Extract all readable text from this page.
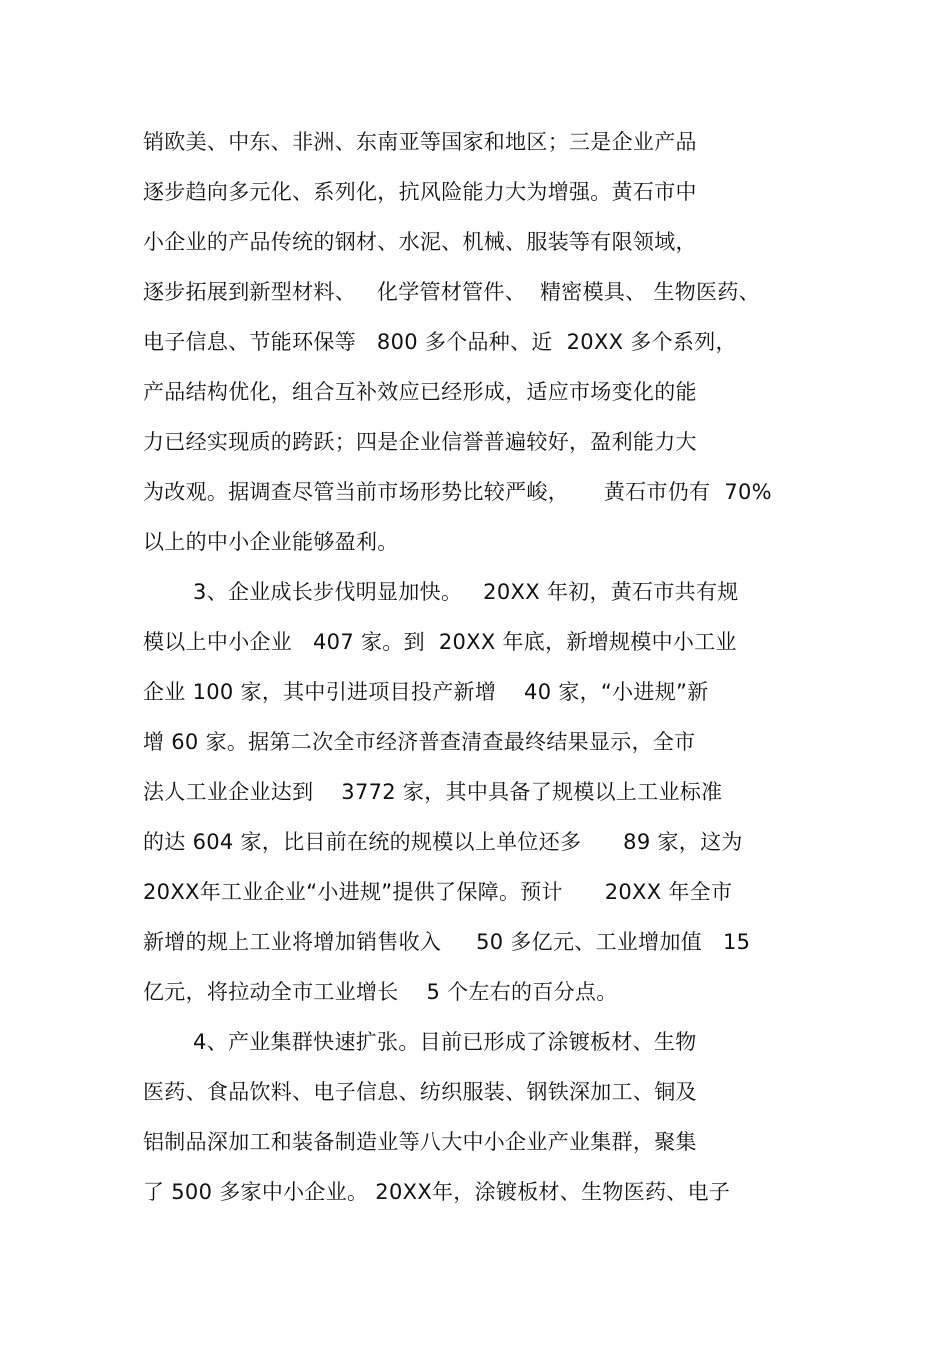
销欧美、中东、非洲、东南亚等国家和地区；三是企业产品
逐步趋向多元化、系列化，抗风险能力大为增强。黄石市中
小企业的产品传统的钢材、水泥、机械、服装等有限领域，
逐步拓展到新型材料、   化学管材管件、  精密模具、 生物医药、
电子信息、节能环保等   800 多个品种、近  20XX 多个系列，
产品结构优化，组合互补效应已经形成，适应市场变化的能
力已经实现质的跨跃；四是企业信誉普遍较好，盈利能力大
为改观。据调查尽管当前市场形势比较严峻，     黄石市仍有  70%
以上的中小企业能够盈利。
3、企业成长步伐明显加快。   20XX 年初，黄石市共有规
模以上中小企业   407 家。到  20XX 年底，新增规模中小工业
企业 100 家，其中引进项目投产新增    40 家，“小进规”新
增 60 家。据第二次全市经济普查清查最终结果显示，全市
法人工业企业达到    3772 家，其中具备了规模以上工业标准
的达 604 家，比目前在统的规模以上单位还多      89 家，这为
20XX年工业企业“小进规”提供了保障。预计      20XX 年全市
新增的规上工业将增加销售收入     50 多亿元、工业增加值   15
亿元，将拉动全市工业增长    5 个左右的百分点。
4、产业集群快速扩张。目前已形成了涂镀板材、生物
医药、食品饮料、电子信息、纺织服装、钢铁深加工、铜及
铝制品深加工和装备制造业等八大中小企业产业集群，聚集
了 500 多家中小企业。 20XX年，涂镀板材、生物医药、电子
